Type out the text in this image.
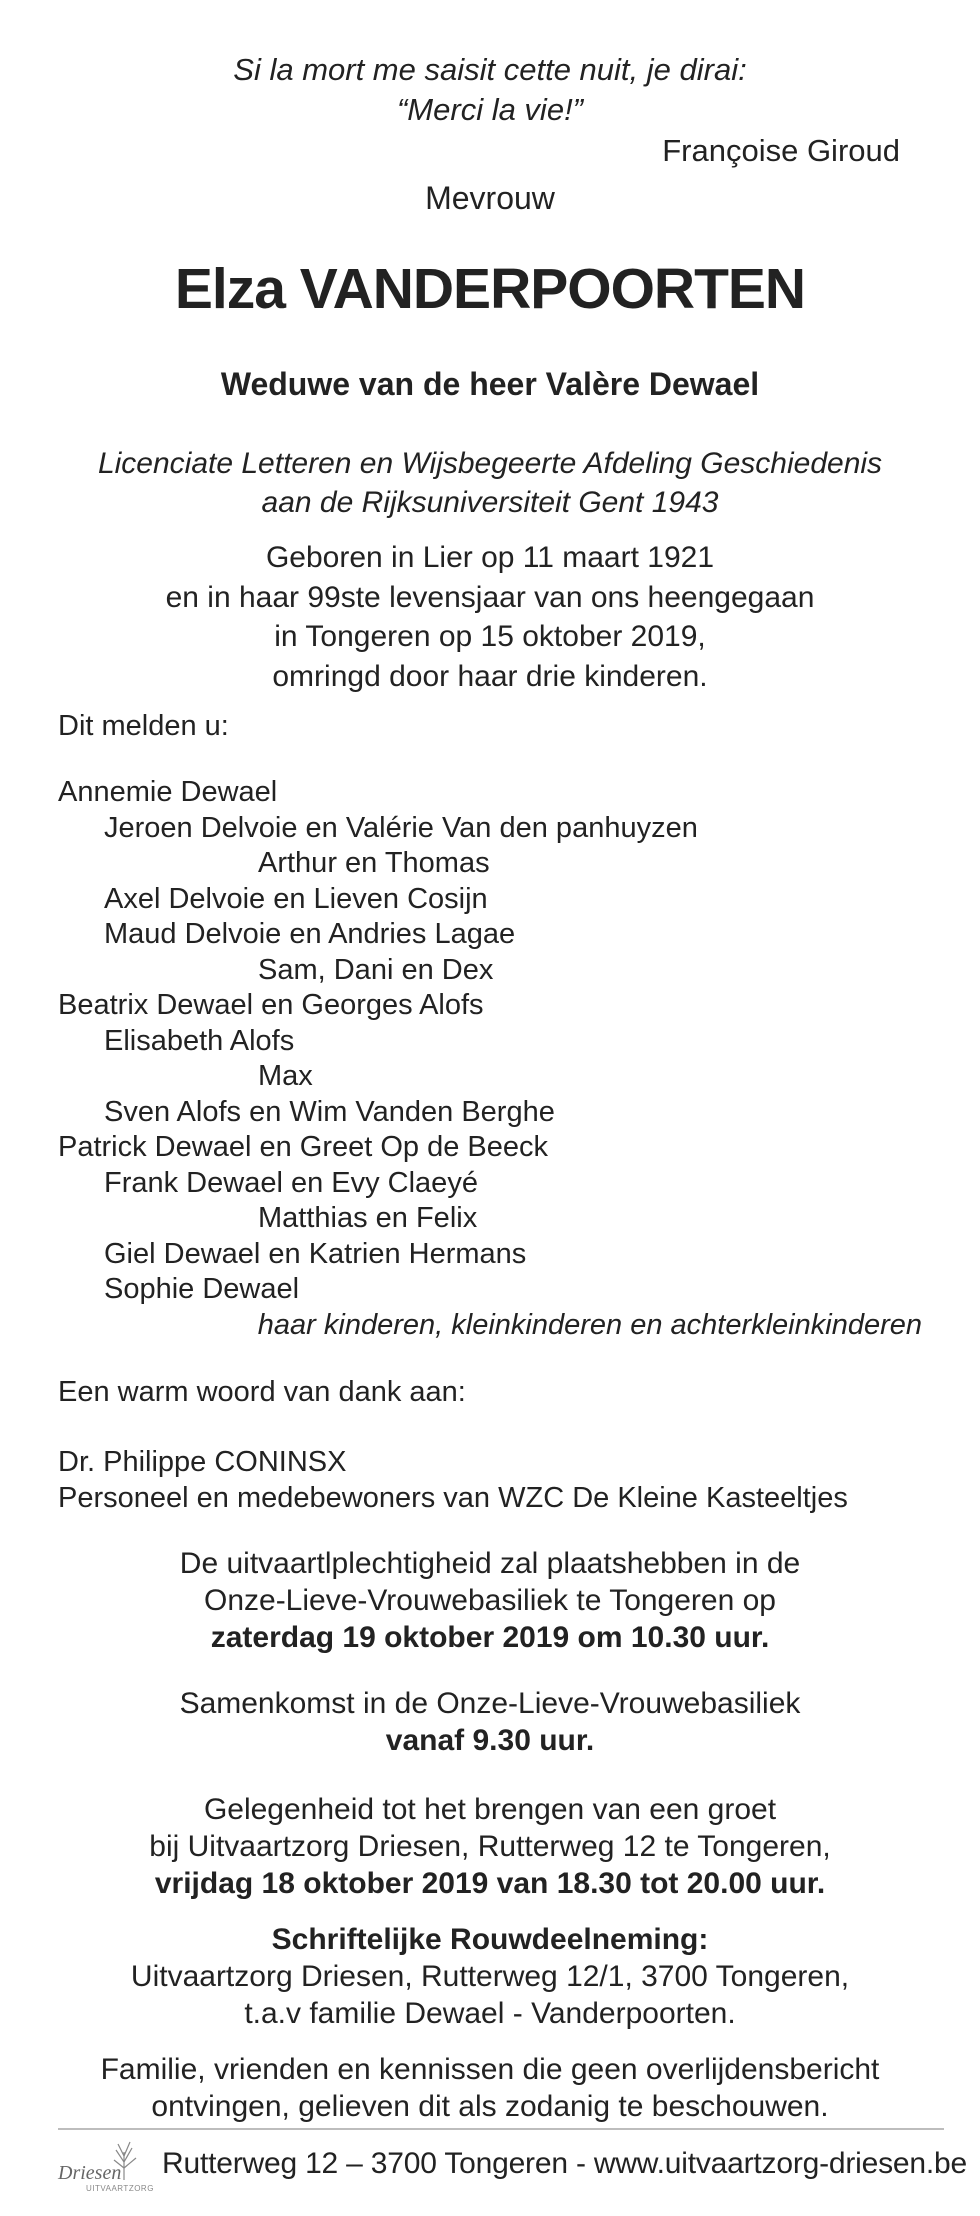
Si la mort me saisit cette nuit, je dirai:
“Merci la vie!”
Françoise Giroud
Mevrouw
Elza VANDERPOORTEN
Weduwe van de heer Valère Dewael
Licenciate Letteren en Wijsbegeerte Afdeling Geschiedenis
aan de Rijksuniversiteit Gent 1943
Geboren in Lier op 11 maart 1921
en in haar 99ste levensjaar van ons heengegaan
in Tongeren op 15 oktober 2019,
omringd door haar drie kinderen.
Dit melden u:
Annemie Dewael
Jeroen Delvoie en Valérie Van den panhuyzen
Arthur en Thomas
Axel Delvoie en Lieven Cosijn
Maud Delvoie en Andries Lagae
Sam, Dani en Dex
Beatrix Dewael en Georges Alofs
Elisabeth Alofs
Max
Sven Alofs en Wim Vanden Berghe
Patrick Dewael en Greet Op de Beeck
Frank Dewael en Evy Claeyé
Matthias en Felix
Giel Dewael en Katrien Hermans
Sophie Dewael
haar kinderen, kleinkinderen en achterkleinkinderen
Een warm woord van dank aan:
Dr. Philippe CONINSX
Personeel en medebewoners van WZC De Kleine Kasteeltjes
De uitvaartlplechtigheid zal plaatshebben in de
Onze-Lieve-Vrouwebasiliek te Tongeren op
zaterdag 19 oktober 2019 om 10.30 uur.
Samenkomst in de Onze-Lieve-Vrouwebasiliek
vanaf 9.30 uur.
Gelegenheid tot het brengen van een groet
bij Uitvaartzorg Driesen, Rutterweg 12 te Tongeren,
vrijdag 18 oktober 2019 van 18.30 tot 20.00 uur.
Schriftelijke Rouwdeelneming:
Uitvaartzorg Driesen, Rutterweg 12/1, 3700 Tongeren,
t.a.v familie Dewael - Vanderpoorten.
Familie, vrienden en kennissen die geen overlijdensbericht
ontvingen, gelieven dit als zodanig te beschouwen.
Driesen
UITVAARTZORG
Rutterweg 12 – 3700 Tongeren - www.uitvaartzorg-driesen.be
